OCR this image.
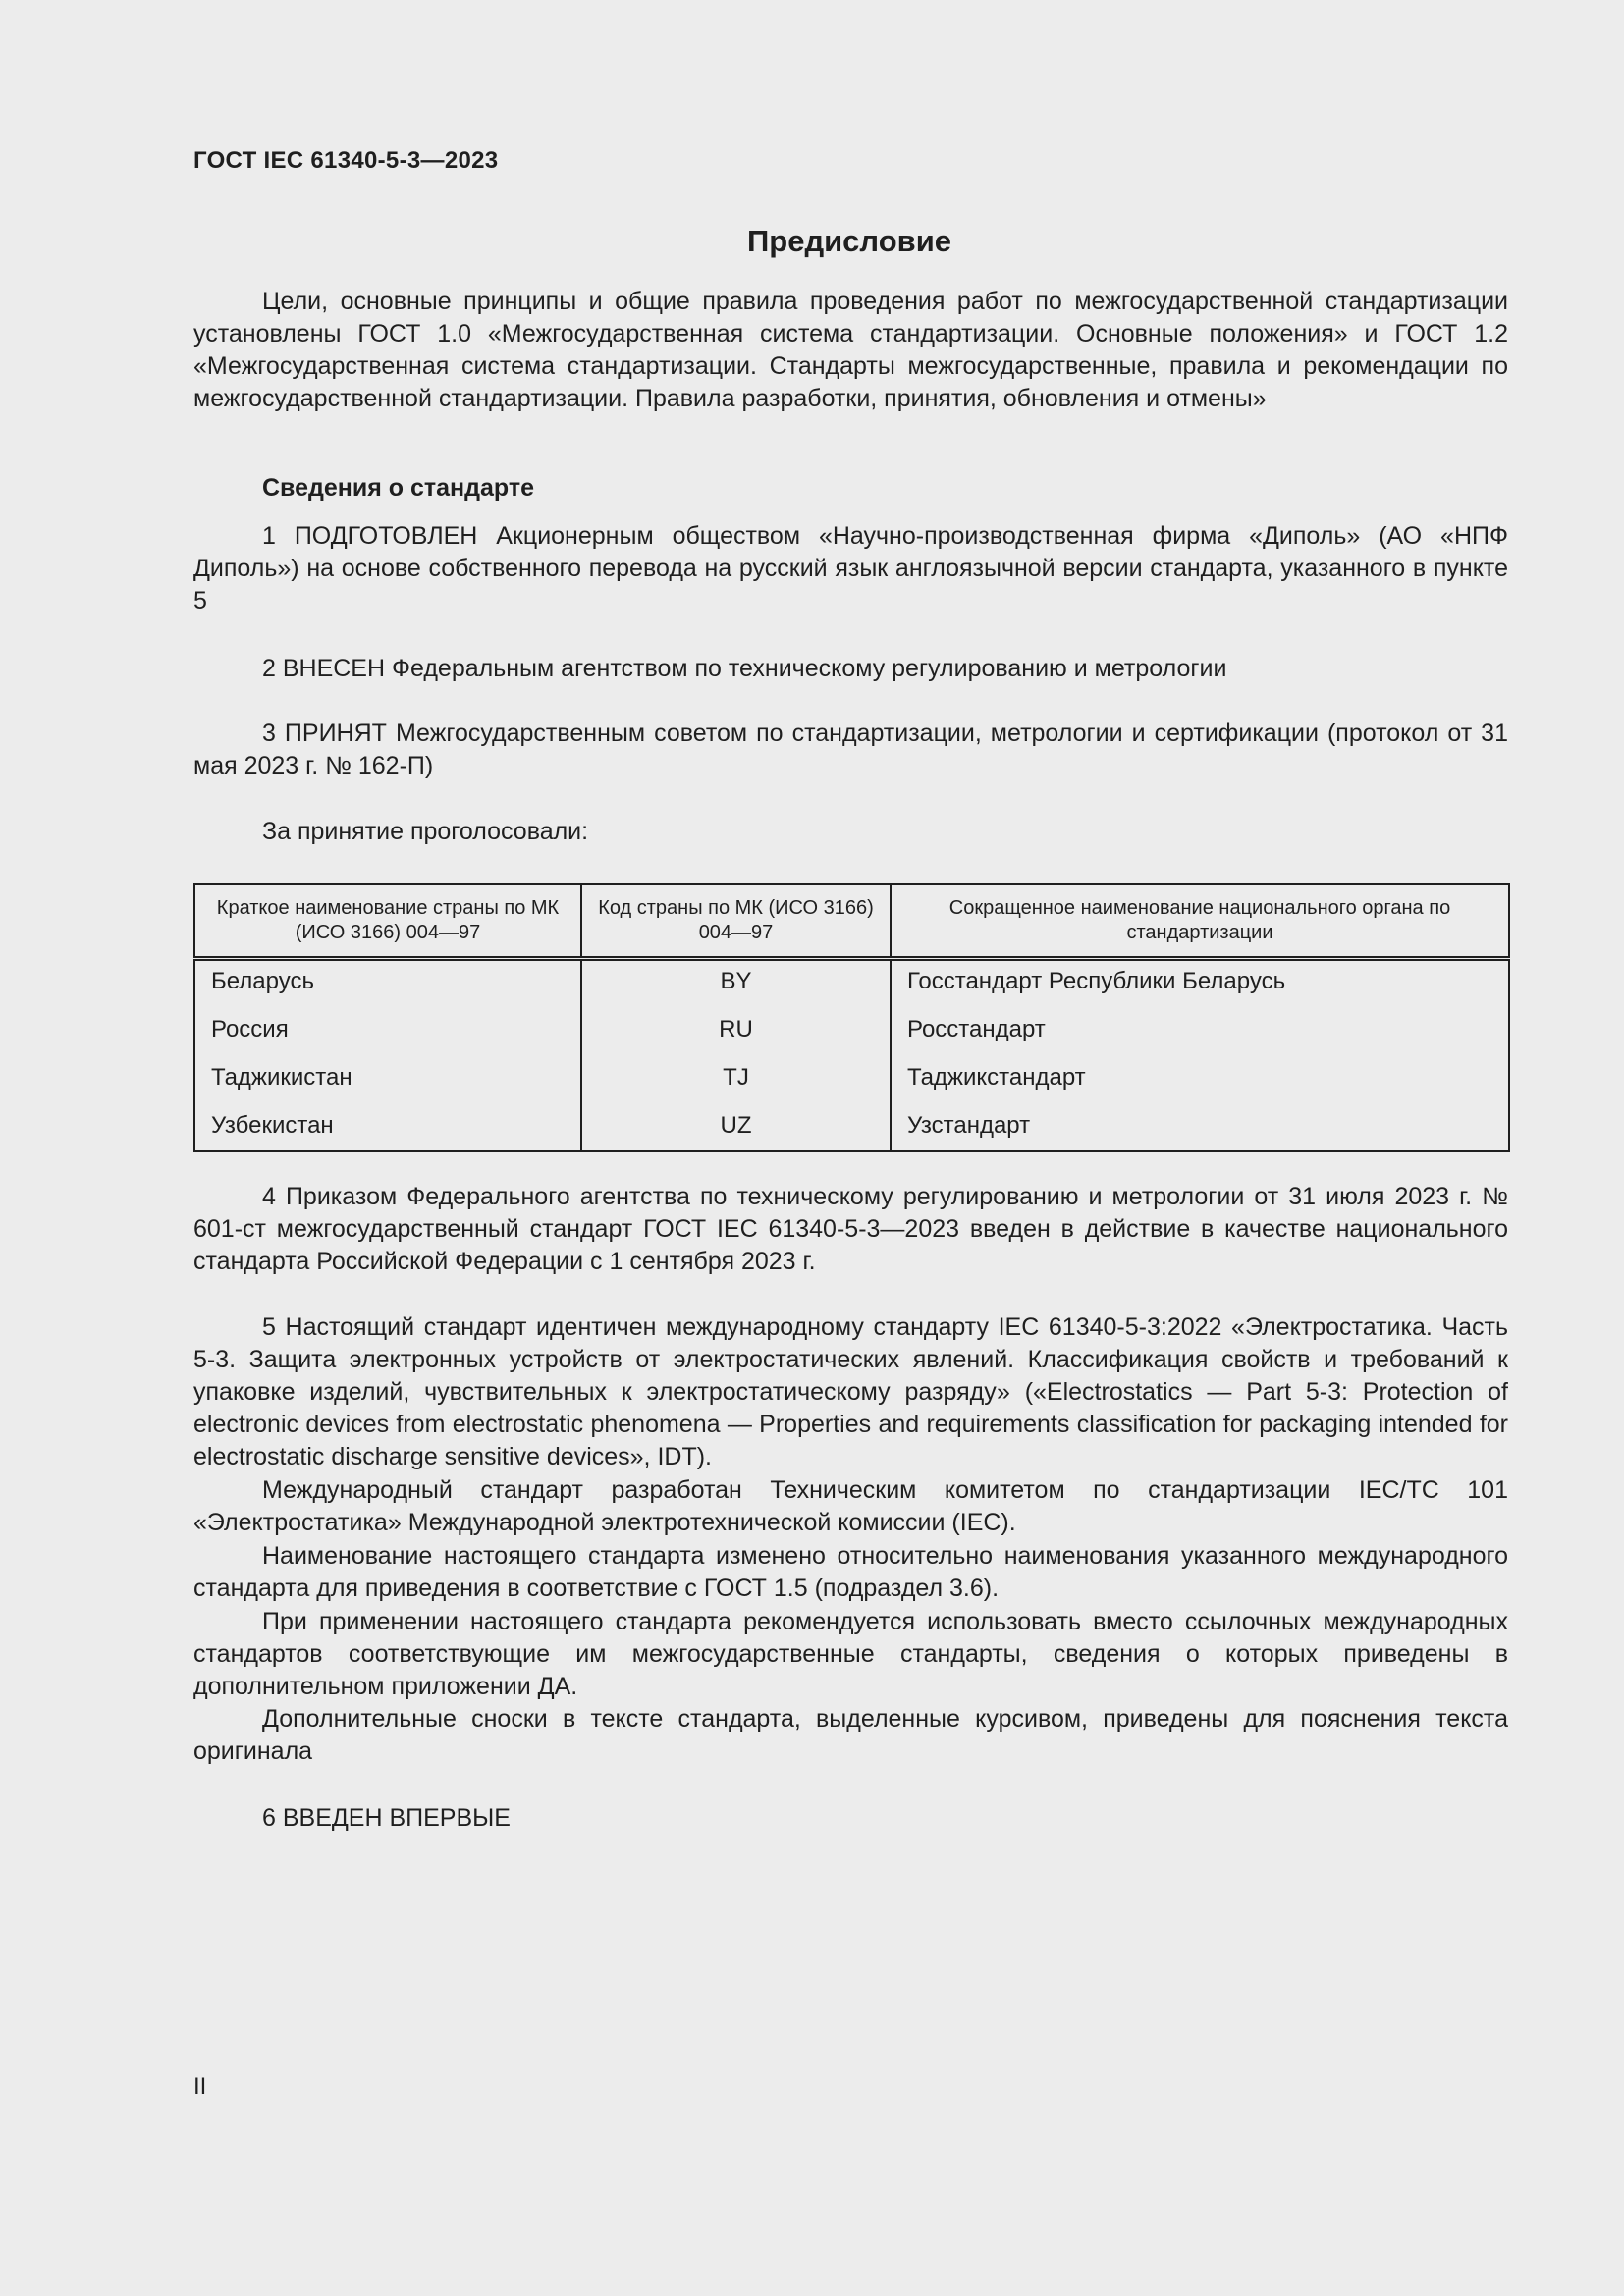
ГОСТ IEC 61340-5-3—2023
Предисловие

Цели, основные принципы и общие правила проведения работ по межгосударственной стандартизации установлены ГОСТ 1.0 «Межгосударственная система стандартизации. Основные положения» и ГОСТ 1.2 «Межгосударственная система стандартизации. Стандарты межгосударственные, правила и рекомендации по межгосударственной стандартизации. Правила разработки, принятия, обновления и отмены»

Сведения о стандарте

1 ПОДГОТОВЛЕН Акционерным обществом «Научно-производственная фирма «Диполь» (АО «НПФ Диполь») на основе собственного перевода на русский язык англоязычной версии стандарта, указанного в пункте 5

2 ВНЕСЕН Федеральным агентством по техническому регулированию и метрологии

3 ПРИНЯТ Межгосударственным советом по стандартизации, метрологии и сертификации (протокол от 31 мая 2023 г. № 162-П)

За принятие проголосовали:

Краткое наименование страны по МК (ИСО 3166) 004—97	Код страны по МК (ИСО 3166) 004—97	Сокращенное наименование национального органа по стандартизации
Беларусь	BY	Госстандарт Республики Беларусь
Россия	RU	Росстандарт
Таджикистан	TJ	Таджикстандарт
Узбекистан	UZ	Узстандарт

4 Приказом Федерального агентства по техническому регулированию и метрологии от 31 июля 2023 г. № 601-ст межгосударственный стандарт ГОСТ IEC 61340-5-3—2023 введен в действие в качестве национального стандарта Российской Федерации с 1 сентября 2023 г.

5 Настоящий стандарт идентичен международному стандарту IEC 61340-5-3:2022 «Электростатика. Часть 5-3. Защита электронных устройств от электростатических явлений. Классификация свойств и требований к упаковке изделий, чувствительных к электростатическому разряду» («Electrostatics — Part 5-3: Protection of electronic devices from electrostatic phenomena — Properties and requirements classification for packaging intended for electrostatic discharge sensitive devices», IDT).

Международный стандарт разработан Техническим комитетом по стандартизации IEC/TC 101 «Электростатика» Международной электротехнической комиссии (IEC).

Наименование настоящего стандарта изменено относительно наименования указанного международного стандарта для приведения в соответствие с ГОСТ 1.5 (подраздел 3.6).

При применении настоящего стандарта рекомендуется использовать вместо ссылочных международных стандартов соответствующие им межгосударственные стандарты, сведения о которых приведены в дополнительном приложении ДА.

Дополнительные сноски в тексте стандарта, выделенные курсивом, приведены для пояснения текста оригинала

6 ВВЕДЕН ВПЕРВЫЕ

II
